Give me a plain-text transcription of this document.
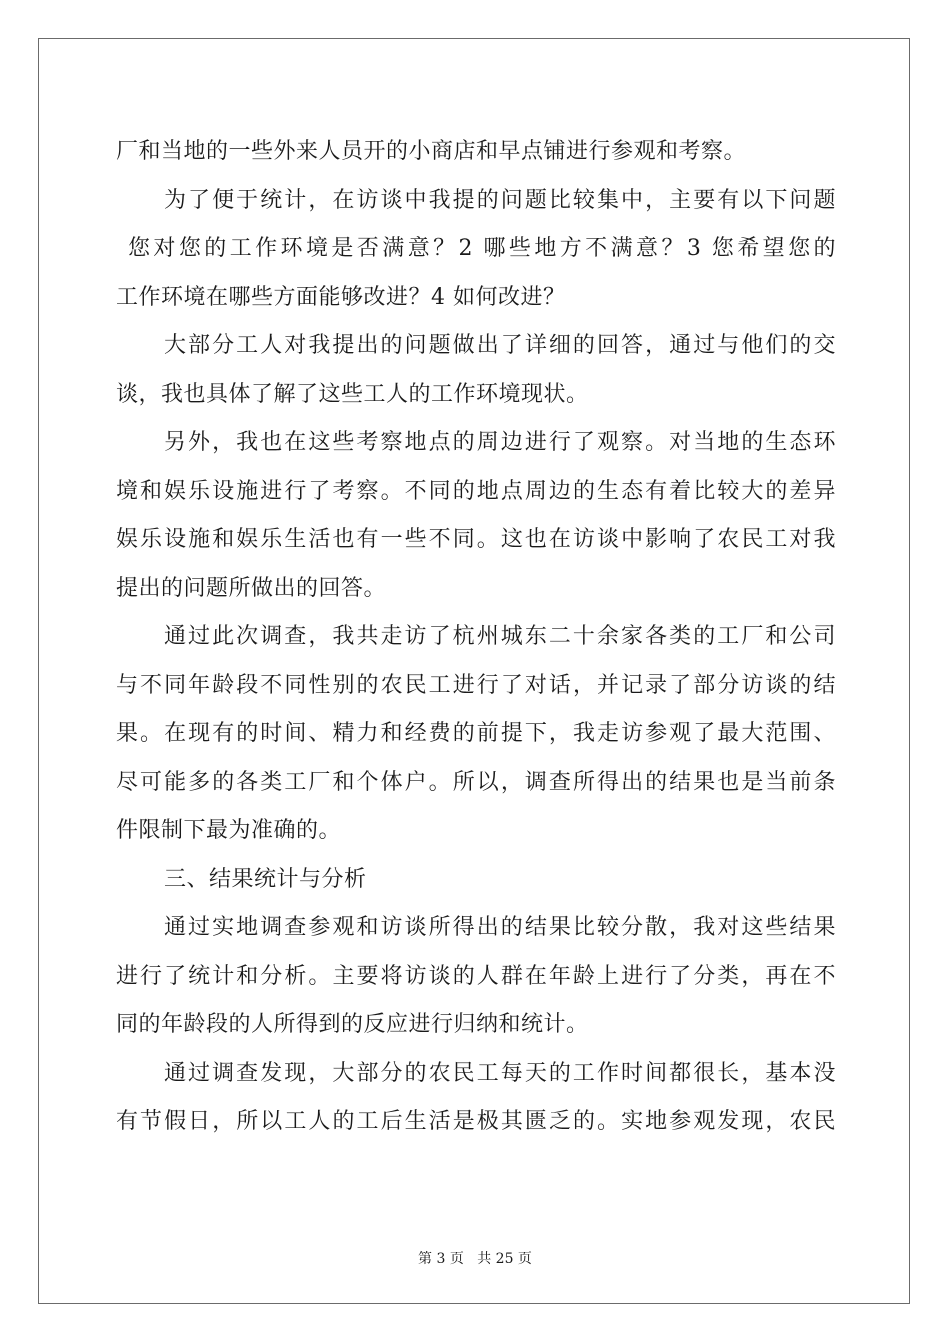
厂和当地的一些外来人员开的小商店和早点铺进行参观和考察。
为了便于统计，在访谈中我提的问题比较集中，主要有以下问题
您对您的工作环境是否满意？2 哪些地方不满意？3 您希望您的
工作环境在哪些方面能够改进？4 如何改进？
大部分工人对我提出的问题做出了详细的回答，通过与他们的交
谈，我也具体了解了这些工人的工作环境现状。
另外，我也在这些考察地点的周边进行了观察。对当地的生态环
境和娱乐设施进行了考察。不同的地点周边的生态有着比较大的差异
娱乐设施和娱乐生活也有一些不同。这也在访谈中影响了农民工对我
提出的问题所做出的回答。
通过此次调查，我共走访了杭州城东二十余家各类的工厂和公司
与不同年龄段不同性别的农民工进行了对话，并记录了部分访谈的结
果。在现有的时间、精力和经费的前提下，我走访参观了最大范围、
尽可能多的各类工厂和个体户。所以，调查所得出的结果也是当前条
件限制下最为准确的。
三、结果统计与分析
通过实地调查参观和访谈所得出的结果比较分散，我对这些结果
进行了统计和分析。主要将访谈的人群在年龄上进行了分类，再在不
同的年龄段的人所得到的反应进行归纳和统计。
通过调查发现，大部分的农民工每天的工作时间都很长，基本没
有节假日，所以工人的工后生活是极其匮乏的。实地参观发现，农民
第 3 页 共 25 页
